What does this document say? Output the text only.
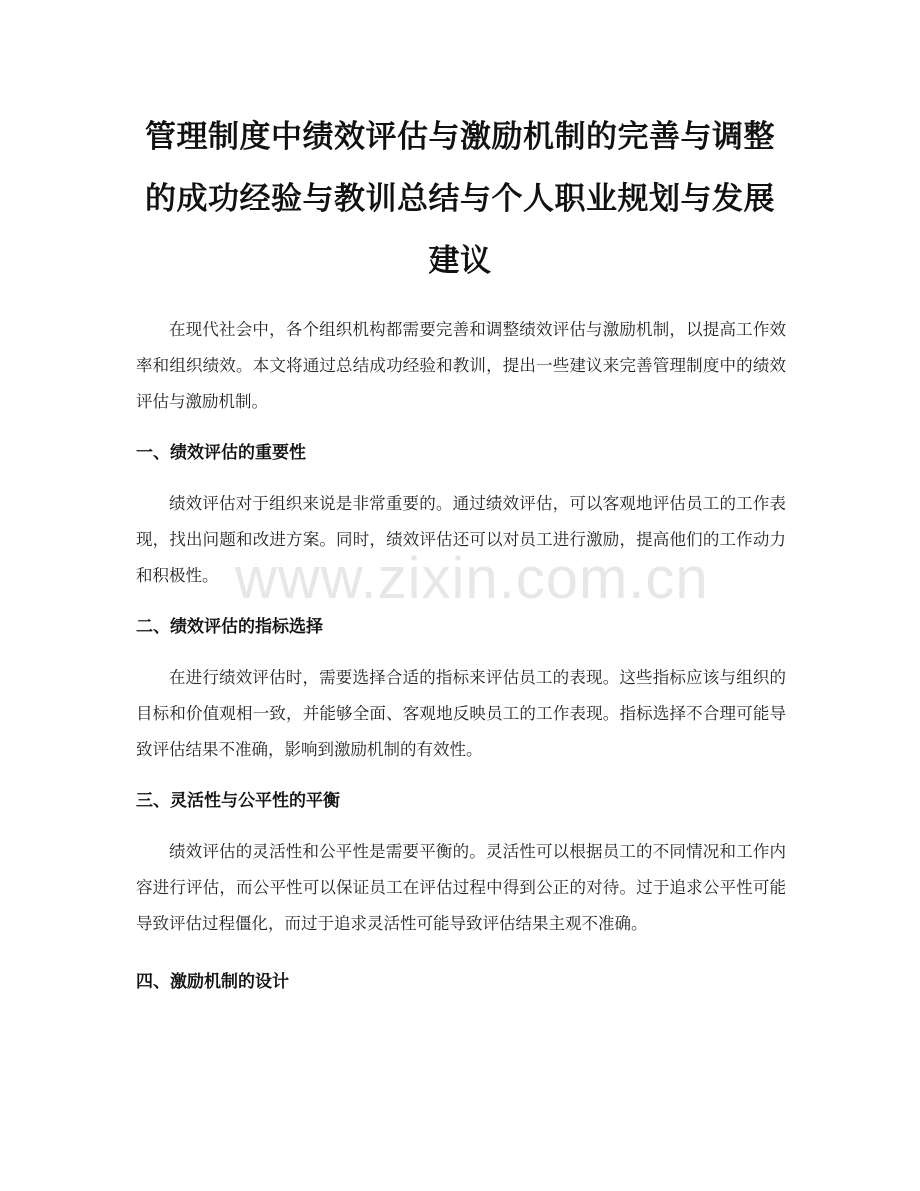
管理制度中绩效评估与激励机制的完善与调整的成功经验与教训总结与个人职业规划与发展建议

在现代社会中，各个组织机构都需要完善和调整绩效评估与激励机制，以提高工作效率和组织绩效。本文将通过总结成功经验和教训，提出一些建议来完善管理制度中的绩效评估与激励机制。

一、绩效评估的重要性

绩效评估对于组织来说是非常重要的。通过绩效评估，可以客观地评估员工的工作表现，找出问题和改进方案。同时，绩效评估还可以对员工进行激励，提高他们的工作动力和积极性。

二、绩效评估的指标选择

在进行绩效评估时，需要选择合适的指标来评估员工的表现。这些指标应该与组织的目标和价值观相一致，并能够全面、客观地反映员工的工作表现。指标选择不合理可能导致评估结果不准确，影响到激励机制的有效性。

三、灵活性与公平性的平衡

绩效评估的灵活性和公平性是需要平衡的。灵活性可以根据员工的不同情况和工作内容进行评估，而公平性可以保证员工在评估过程中得到公正的对待。过于追求公平性可能导致评估过程僵化，而过于追求灵活性可能导致评估结果主观不准确。

四、激励机制的设计

www.zixin.com.cn
